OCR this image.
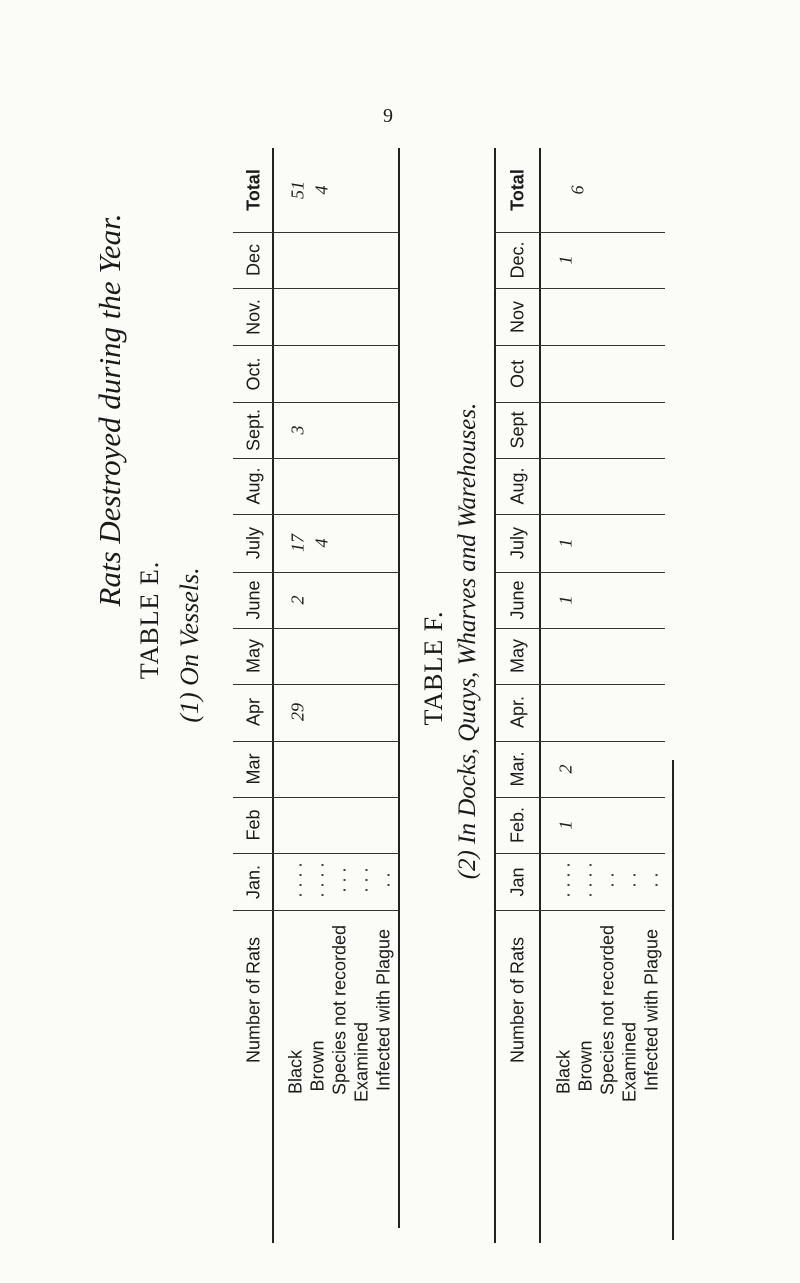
9
Rats Destroyed during the Year.
TABLE E. (1) On Vessels.	TABLE F. (2) In Docks, Quays, Wharves and Warehouses.
Total
Dec
Nov.
Oct.
Sept.
Aug.
July
June
May
Apr
Mar
Feb
Jan.
Number of Rats
Black Brown Species not recorded Examined Infected with Plague
. . . . . . . . . . . . . . . .
51 4
3
17 4
2
29
Total
Dec.
Nov
Oct
Sept
Aug.
July
June
May
Apr.
Mar.
Feb.
Jan
Number of Rats
Black Brown Species not recorded Examined Infected with Plague
. . . . . . . . . . . . . .
6
1
1
1
2
1
